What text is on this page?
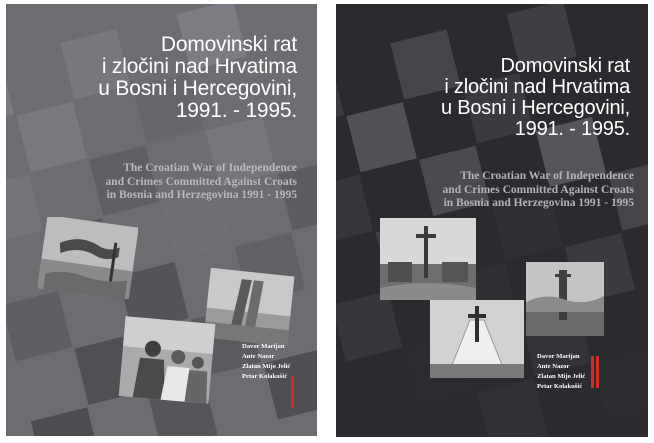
Domovinski rat
i zločini nad Hrvatima
u Bosni i Hercegovini,
1991. - 1995.
The Croatian War of Independence
and Crimes Committed Against Croats
in Bosnia and Herzegovina 1991 - 1995
Davor Marijan
Ante Nazor
Zlatan Mijo Jelić
Petar Kolakušić
Domovinski rat
i zločini nad Hrvatima
u Bosni i Hercegovini,
1991. - 1995.
The Croatian War of Independence
and Crimes Committed Against Croats
in Bosnia and Herzegovina 1991 - 1995
Davor Marijan
Ante Nazor
Zlatan Mijo Jelić
Petar Kolakušić
